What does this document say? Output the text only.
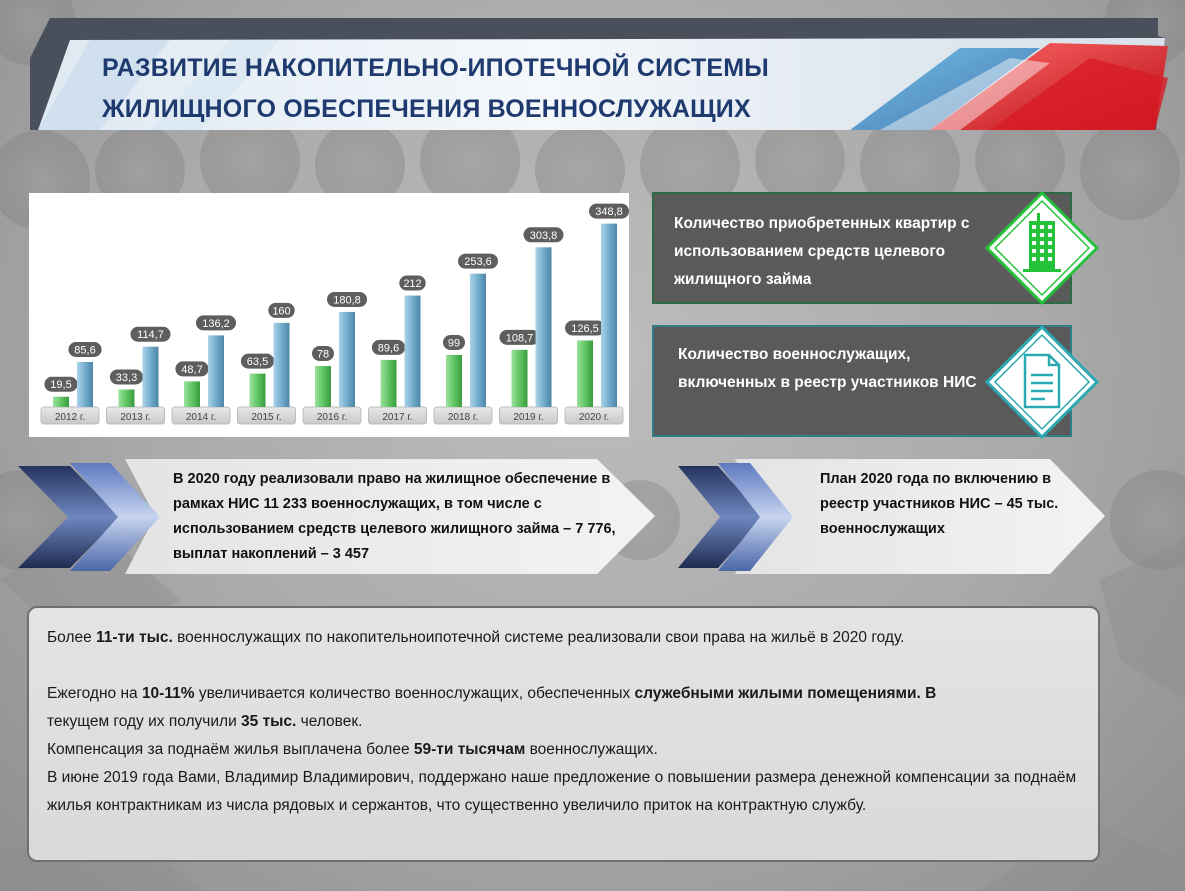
РАЗВИТИЕ НАКОПИТЕЛЬНО-ИПОТЕЧНОЙ СИСТЕМЫ
ЖИЛИЩНОГО ОБЕСПЕЧЕНИЯ ВОЕННОСЛУЖАЩИХ
2012 г.
19,5
85,6
2013 г.
33,3
114,7
2014 г.
48,7
136,2
2015 г.
63,5
160
2016 г.
78
180,8
2017 г.
89,6
212
2018 г.
99
253,6
2019 г.
108,7
303,8
2020 г.
126,5
348,8
Количество приобретенных квартир с использованием средств целевого жилищного займа
Количество военнослужащих, включенных в реестр участников НИС
В 2020 году реализовали право на жилищное обеспечение в рамках НИС 11 233 военнослужащих, в том числе с использованием средств целевого жилищного займа – 7 776, выплат накоплений – 3 457
План 2020 года по включению в реестр участников НИС – 45 тыс. военнослужащих

Более 11-ти тыс. военнослужащих по накопительноипотечной системе реализовали свои права на жильё в 2020 году.

Ежегодно на 10-11% увеличивается количество военнослужащих, обеспеченных служебными жилыми помещениями. В
текущем году их получили 35 тыс. человек.

Компенсация за поднаём жилья выплачена более 59-ти тысячам военнослужащих.

В июне 2019 года Вами, Владимир Владимирович, поддержано наше предложение о повышении размера денежной компенсации за поднаём жилья контрактникам из числа рядовых и сержантов, что существенно увеличило приток на контрактную службу.
